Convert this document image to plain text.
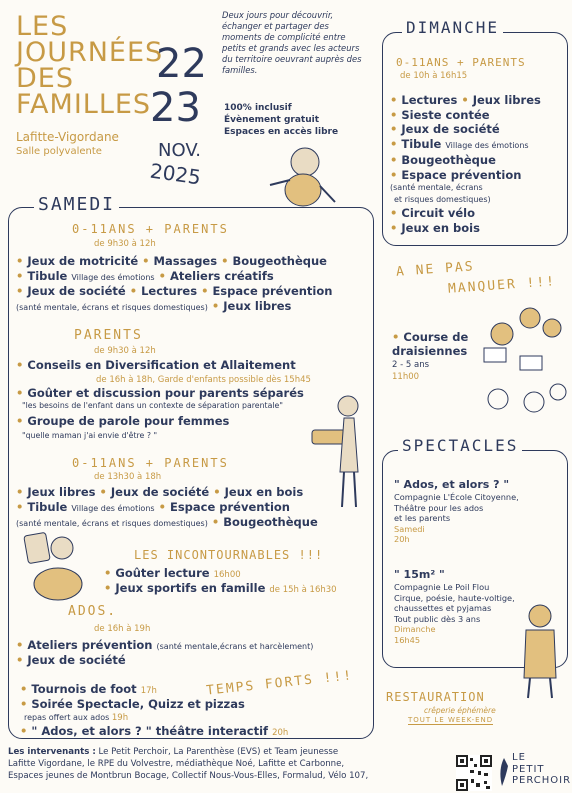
LES
JOURNÉES
DES
FAMILLES
22
23
NOV.
2025
Lafitte-Vigordane
Salle polyvalente
Deux jours pour découvrir, échanger et partager des moments de complicité entre petits et grands avec les acteurs du territoire oeuvrant auprès des familles.
100% inclusif
Évènement gratuit
Espaces en accès libre
SAMEDI
0-11ANS + PARENTS
de 9h30 à 12h
• Jeux de motricité • Massages • Bougeothèque
• Tibule Village des émotions • Ateliers créatifs
• Jeux de société • Lectures • Espace prévention
(santé mentale, écrans et risques domestiques) • Jeux libres
PARENTS
de 9h30 à 12h
• Conseils en Diversification et Allaitement
de 16h à 18h, Garde d'enfants possible dès 15h45
• Goûter et discussion pour parents séparés
"les besoins de l'enfant dans un contexte de séparation parentale"
• Groupe de parole pour femmes
"quelle maman j'ai envie d'être ? "
0-11ANS + PARENTS
de 13h30 à 18h
• Jeux libres • Jeux de société • Jeux en bois
• Tibule Village des émotions • Espace prévention
(santé mentale, écrans et risques domestiques) • Bougeothèque
LES INCONTOURNABLES !!!
• Goûter lecture 16h00
• Jeux sportifs en famille de 15h à 16h30
ADOS.
de 16h à 19h
• Ateliers prévention (santé mentale,écrans et harcèlement)
• Jeux de société
TEMPS FORTS !!!
• Tournois de foot 17h
• Soirée Spectacle, Quizz et pizzas
repas offert aux ados 19h
• " Ados, et alors ? " théâtre interactif 20h
DIMANCHE
0-11ANS + PARENTS
de 10h à 16h15
• Lectures • Jeux libres
• Sieste contée
• Jeux de société
• Tibule Village des émotions
• Bougeothèque
• Espace prévention
(santé mentale, écrans
et risques domestiques)
• Circuit vélo
• Jeux en bois
A NE PAS
MANQUER !!!
• Course de draisiennes
2 - 5 ans
11h00
SPECTACLES
" Ados, et alors ? "
Compagnie L'École Citoyenne,
Théâtre pour les ados
et les parents
Samedi
20h
" 15m² "
Compagnie Le Poil Flou
Cirque, poésie, haute-voltige,
chaussettes et pyjamas
Tout public dès 3 ans
Dimanche
16h45
RESTAURATION
crêperie éphémère
TOUT LE WEEK-END
Les intervenants : Le Petit Perchoir, La Parenthèse (EVS) et Team jeunesse
Lafitte Vigordane, le RPE du Volvestre, médiathèque Noé, Lafitte et Carbonne,
Espaces jeunes de Montbrun Bocage, Collectif Nous-Vous-Elles, Formalud, Vélo 107,
LE
PETIT
PERCHOIR
